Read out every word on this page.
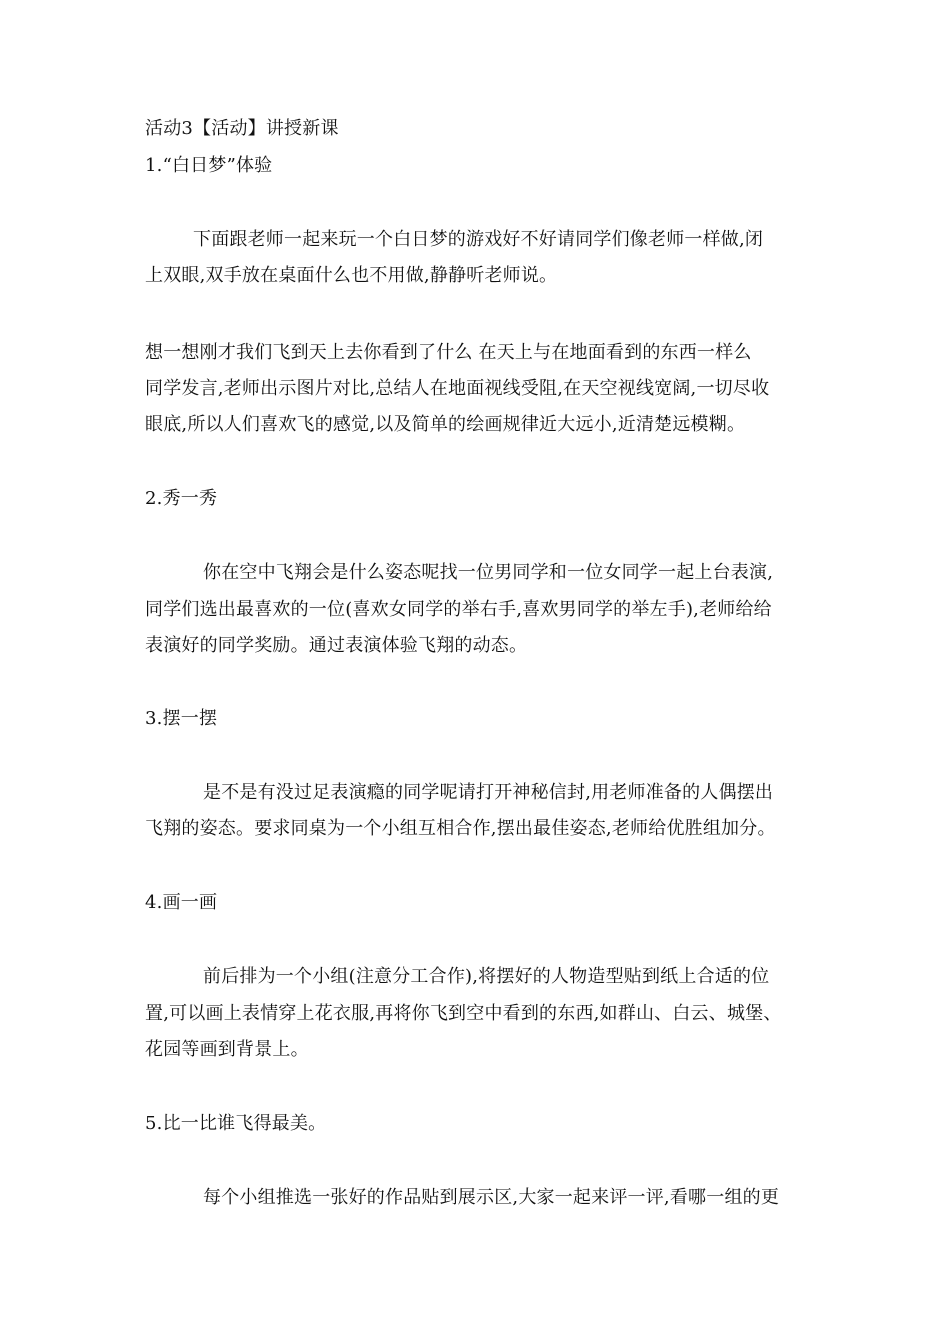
活动3【活动】讲授新课
1.“白日梦”体验
下面跟老师一起来玩一个白日梦的游戏好不好请同学们像老师一样做,闭
上双眼,双手放在桌面什么也不用做,静静听老师说。
想一想刚才我们飞到天上去你看到了什么 在天上与在地面看到的东西一样么
同学发言,老师出示图片对比,总结人在地面视线受阻,在天空视线宽阔,一切尽收
眼底,所以人们喜欢飞的感觉,以及简单的绘画规律近大远小,近清楚远模糊。
2.秀一秀
你在空中飞翔会是什么姿态呢找一位男同学和一位女同学一起上台表演,
同学们选出最喜欢的一位(喜欢女同学的举右手,喜欢男同学的举左手),老师给给
表演好的同学奖励。通过表演体验飞翔的动态。
3.摆一摆
是不是有没过足表演瘾的同学呢请打开神秘信封,用老师准备的人偶摆出
飞翔的姿态。要求同桌为一个小组互相合作,摆出最佳姿态,老师给优胜组加分。
4.画一画
前后排为一个小组(注意分工合作),将摆好的人物造型贴到纸上合适的位
置,可以画上表情穿上花衣服,再将你飞到空中看到的东西,如群山、白云、城堡、
花园等画到背景上。
5.比一比谁飞得最美。
每个小组推选一张好的作品贴到展示区,大家一起来评一评,看哪一组的更
